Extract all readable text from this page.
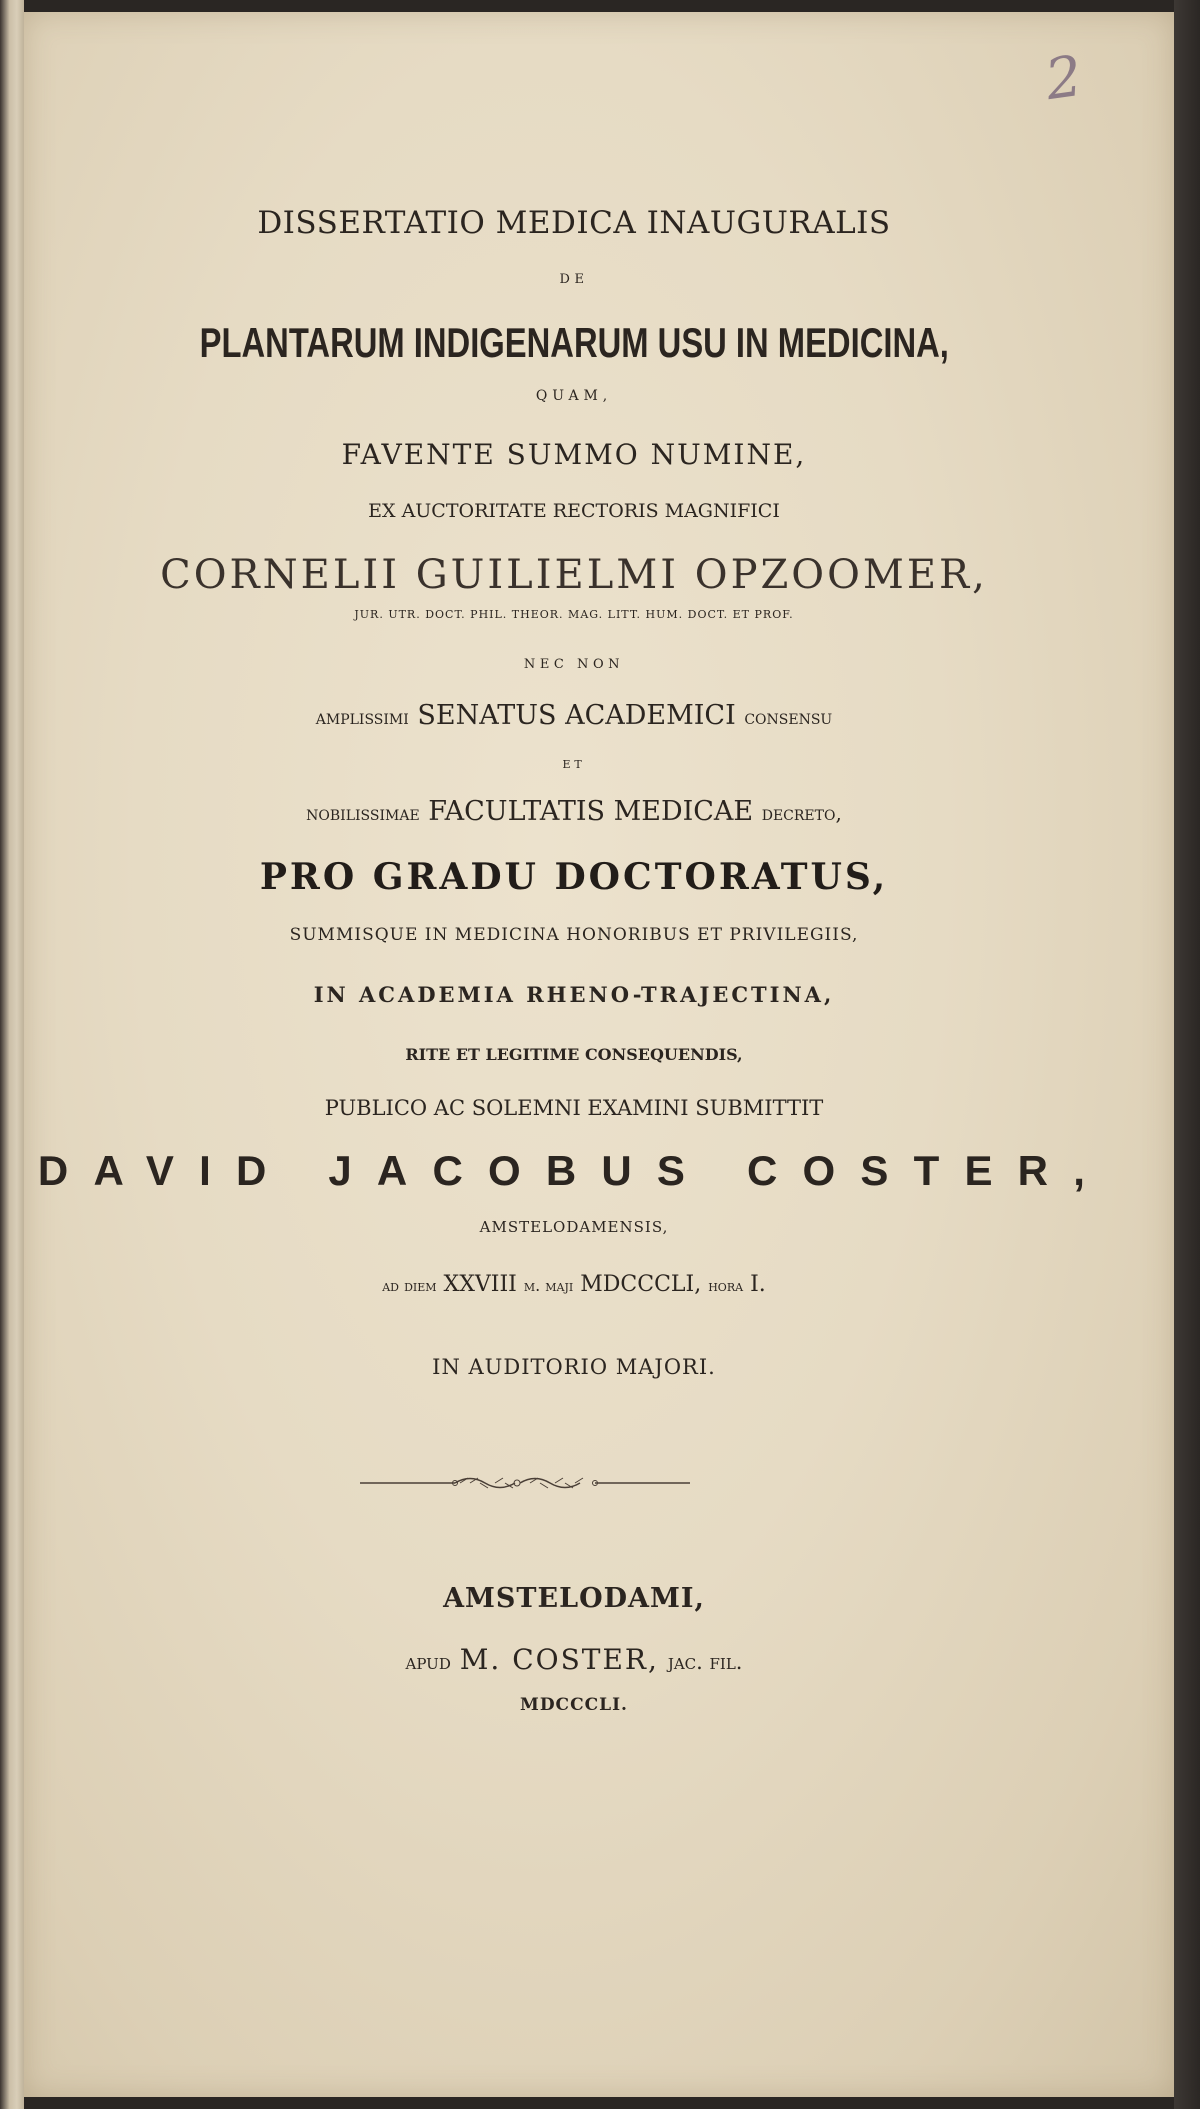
2
DISSERTATIO MEDICA INAUGURALIS
DE
PLANTARUM INDIGENARUM USU IN MEDICINA,
QUAM,
FAVENTE SUMMO NUMINE,
EX AUCTORITATE RECTORIS MAGNIFICI
CORNELII GUILIELMI OPZOOMER,
JUR. UTR. DOCT. PHIL. THEOR. MAG. LITT. HUM. DOCT. ET PROF.
NEC NON
amplissimi SENATUS ACADEMICI consensu
ET
nobilissimae FACULTATIS MEDICAE decreto,
PRO GRADU DOCTORATUS,
SUMMISQUE IN MEDICINA HONORIBUS ET PRIVILEGIIS,
IN ACADEMIA RHENO-TRAJECTINA,
RITE ET LEGITIME CONSEQUENDIS,
PUBLICO AC SOLEMNI EXAMINI SUBMITTIT
DAVID JACOBUS COSTER,
AMSTELODAMENSIS,
ad diem XXVIII m. maji MDCCCLI, hora I.
IN AUDITORIO MAJORI.
AMSTELODAMI,
apud M. COSTER, jac. fil.
MDCCCLI.
